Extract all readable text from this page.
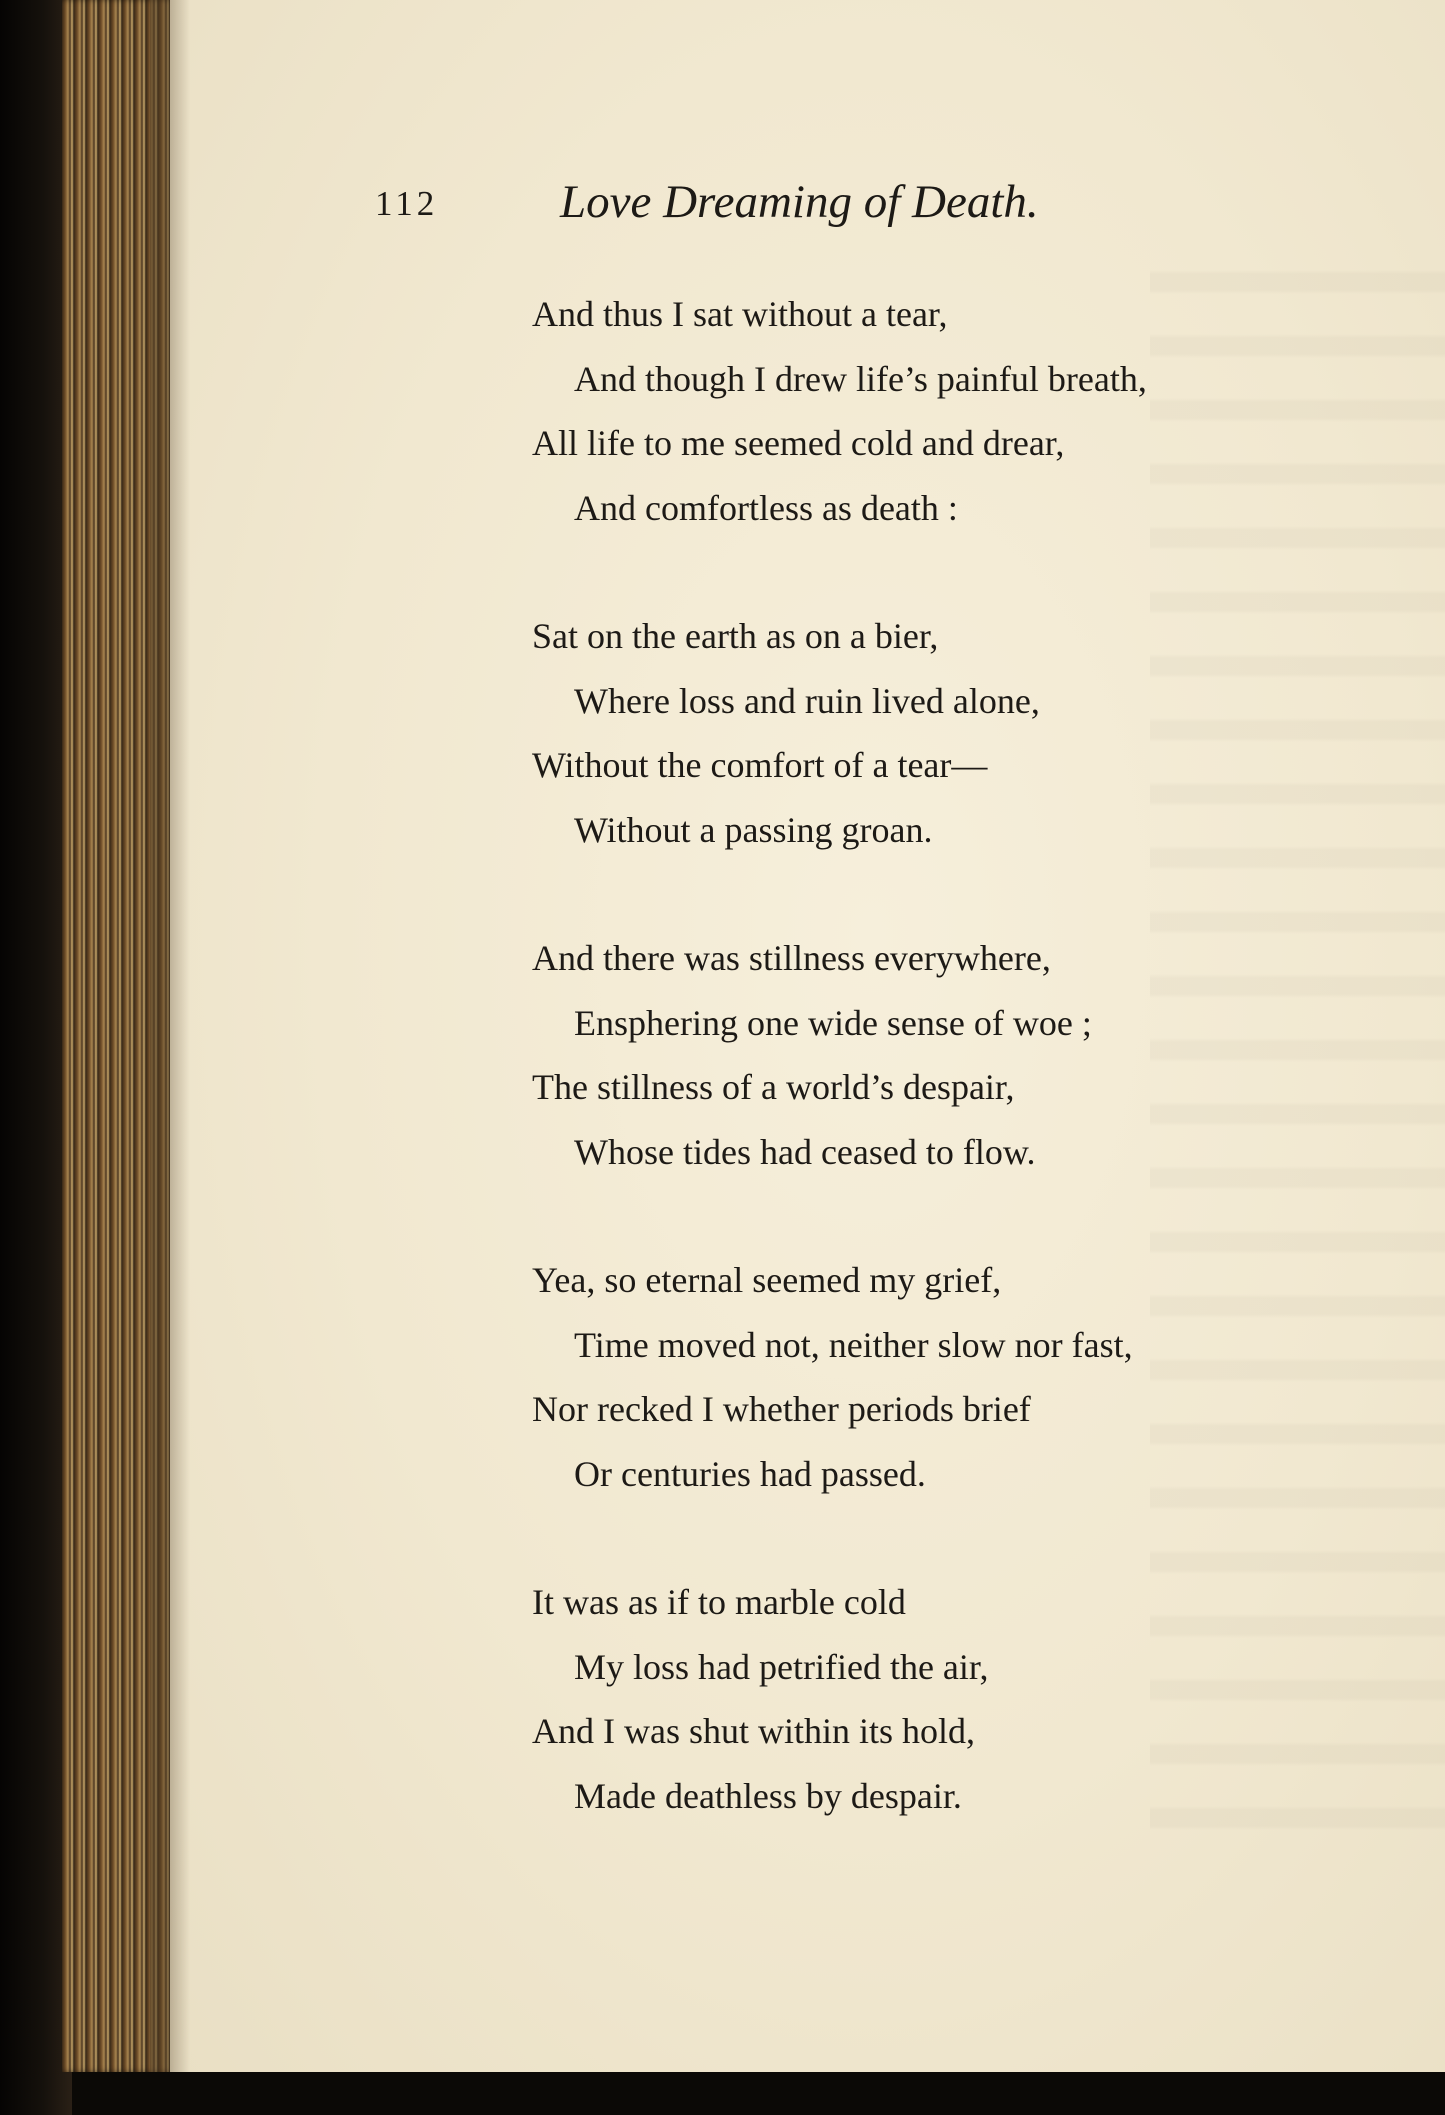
112	Love Dreaming of Death.
And thus I sat without a tear,
And though I drew life’s painful breath,
All life to me seemed cold and drear,
And comfortless as death :
Sat on the earth as on a bier,
Where loss and ruin lived alone,
Without the comfort of a tear—
Without a passing groan.
And there was stillness everywhere,
Ensphering one wide sense of woe ;
The stillness of a world’s despair,
Whose tides had ceased to flow.
Yea, so eternal seemed my grief,
Time moved not, neither slow nor fast,
Nor recked I whether periods brief
Or centuries had passed.
It was as if to marble cold
My loss had petrified the air,
And I was shut within its hold,
Made deathless by despair.
